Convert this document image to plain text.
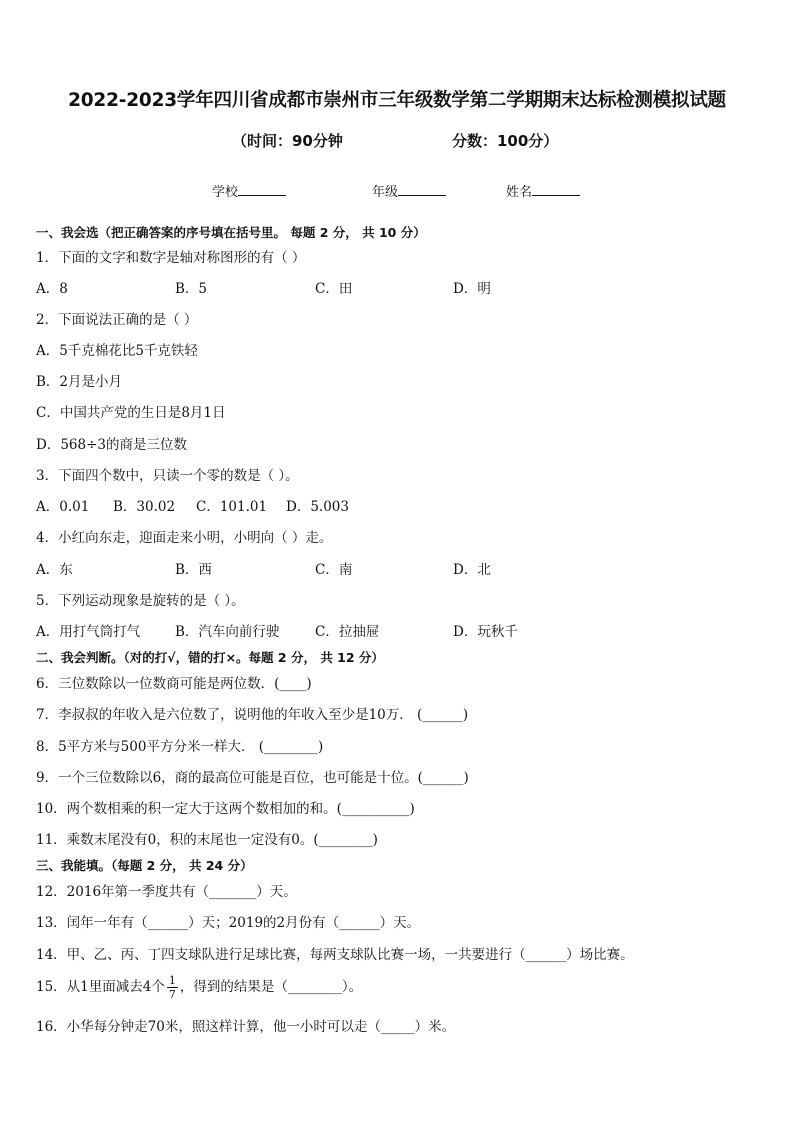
2022-2023学年四川省成都市崇州市三年级数学第二学期期末达标检测模拟试题
（时间：90分钟	分数：100分）
学校	年级	姓名
一、我会选（把正确答案的序号填在括号里。 每题 2 分， 共 10 分）
1．下面的文字和数字是轴对称图形的有（ ）
A．8	B．5	C．田	D．明
2．下面说法正确的是（ ）
A．5千克棉花比5千克铁轻
B．2月是小月
C．中国共产党的生日是8月1日
D．568÷3的商是三位数
3．下面四个数中，只读一个零的数是（ ）。
A．0.01 B．30.02 C．101.01 D．5.003
4．小红向东走，迎面走来小明，小明向（ ）走。
A．东	B．西	C．南	D．北
5．下列运动现象是旋转的是（ ）。
A．用打气筒打气	B．汽车向前行驶	C．拉抽屉	D．玩秋千
二、我会判断。（对的打√，错的打×。每题 2 分， 共 12 分）
6．三位数除以一位数商可能是两位数．(____)
7．李叔叔的年收入是六位数了，说明他的年收入至少是10万． (______)
8．5平方米与500平方分米一样大． (________)
9．一个三位数除以6，商的最高位可能是百位，也可能是十位。(______)
10．两个数相乘的积一定大于这两个数相加的和。(__________)
11．乘数末尾没有0，积的末尾也一定没有0。(________)
三、我能填。（每题 2 分， 共 24 分）
12．2016年第一季度共有（_______）天。
13．闰年一年有（______）天；2019的2月份有（______）天。
14．甲、乙、丙、丁四支球队进行足球比赛，每两支球队比赛一场，一共要进行（______）场比赛。
15．从1里面减去4个 $\frac{1}{7}$ ，得到的结果是（________）。
16．小华每分钟走70米，照这样计算，他一小时可以走（_____）米。
